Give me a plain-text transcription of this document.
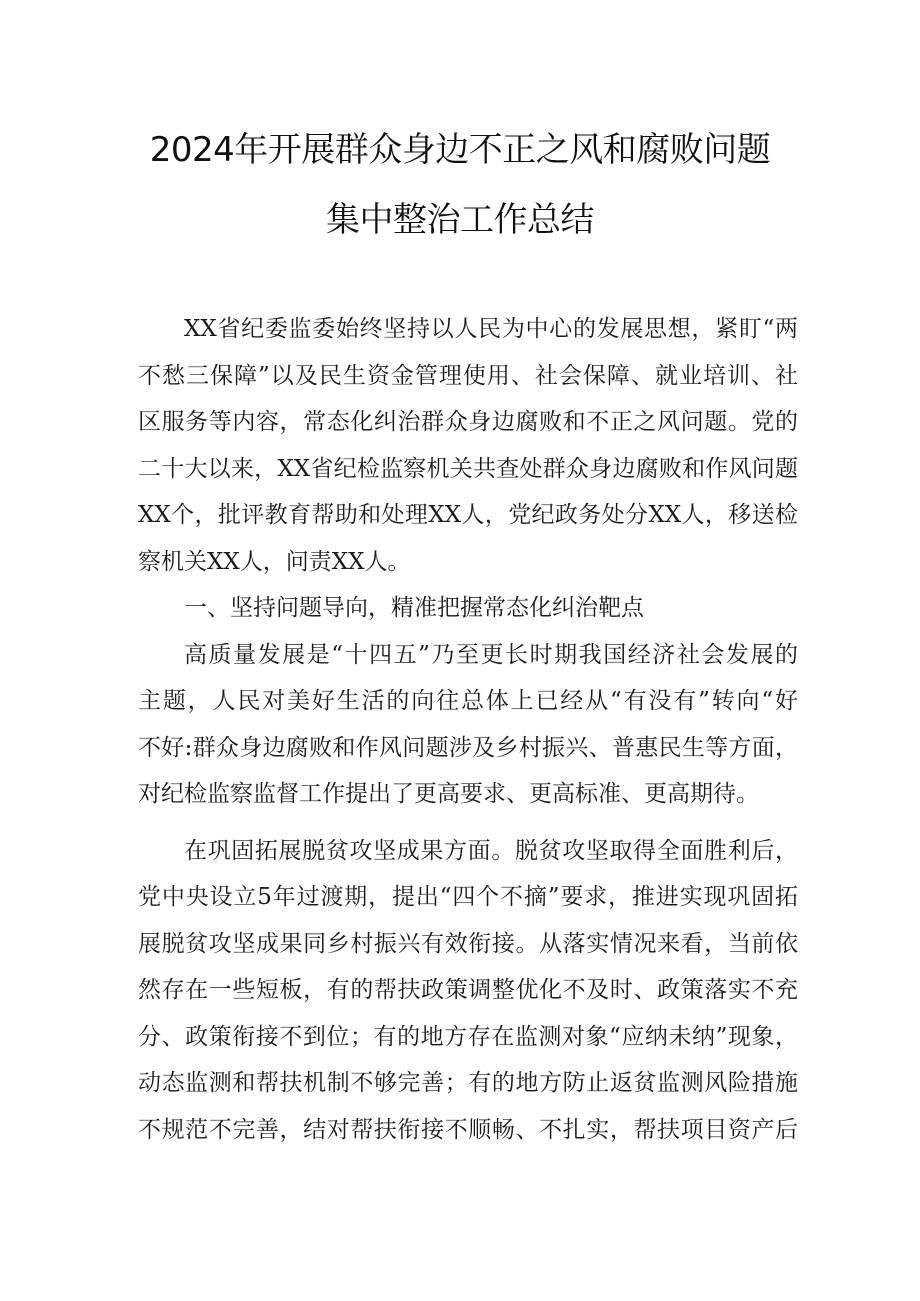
2024年开展群众身边不正之风和腐败问题
集中整治工作总结
XX省纪委监委始终坚持以人民为中心的发展思想，紧盯“两
不愁三保障”以及民生资金管理使用、社会保障、就业培训、社
区服务等内容，常态化纠治群众身边腐败和不正之风问题。党的
二十大以来，XX省纪检监察机关共查处群众身边腐败和作风问题
XX个，批评教育帮助和处理XX人，党纪政务处分XX人，移送检
察机关XX人，问责XX人。
一、坚持问题导向，精准把握常态化纠治靶点
高质量发展是“十四五”乃至更长时期我国经济社会发展的
主题，人民对美好生活的向往总体上已经从“有没有”转向“好
不好:群众身边腐败和作风问题涉及乡村振兴、普惠民生等方面，
对纪检监察监督工作提出了更高要求、更高标准、更高期待。
在巩固拓展脱贫攻坚成果方面。脱贫攻坚取得全面胜利后，
党中央设立5年过渡期，提出“四个不摘”要求，推进实现巩固拓
展脱贫攻坚成果同乡村振兴有效衔接。从落实情况来看，当前依
然存在一些短板，有的帮扶政策调整优化不及时、政策落实不充
分、政策衔接不到位；有的地方存在监测对象“应纳未纳”现象，
动态监测和帮扶机制不够完善；有的地方防止返贫监测风险措施
不规范不完善，结对帮扶衔接不顺畅、不扎实，帮扶项目资产后
